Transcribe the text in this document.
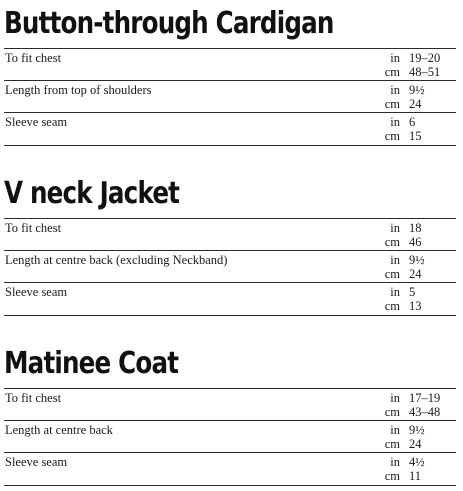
Button-through Cardigan
To fit chest	in 19–20
cm 48–51
Length from top of shoulders	in 9½
cm 24
Sleeve seam	in 6
cm 15
V neck Jacket
To fit chest	in 18
cm 46
Length at centre back (excluding Neckband)	in 9½
cm 24
Sleeve seam	in 5
cm 13
Matinee Coat
To fit chest	in 17–19
cm 43–48
Length at centre back	in 9½
cm 24
Sleeve seam	in 4½
cm 11
